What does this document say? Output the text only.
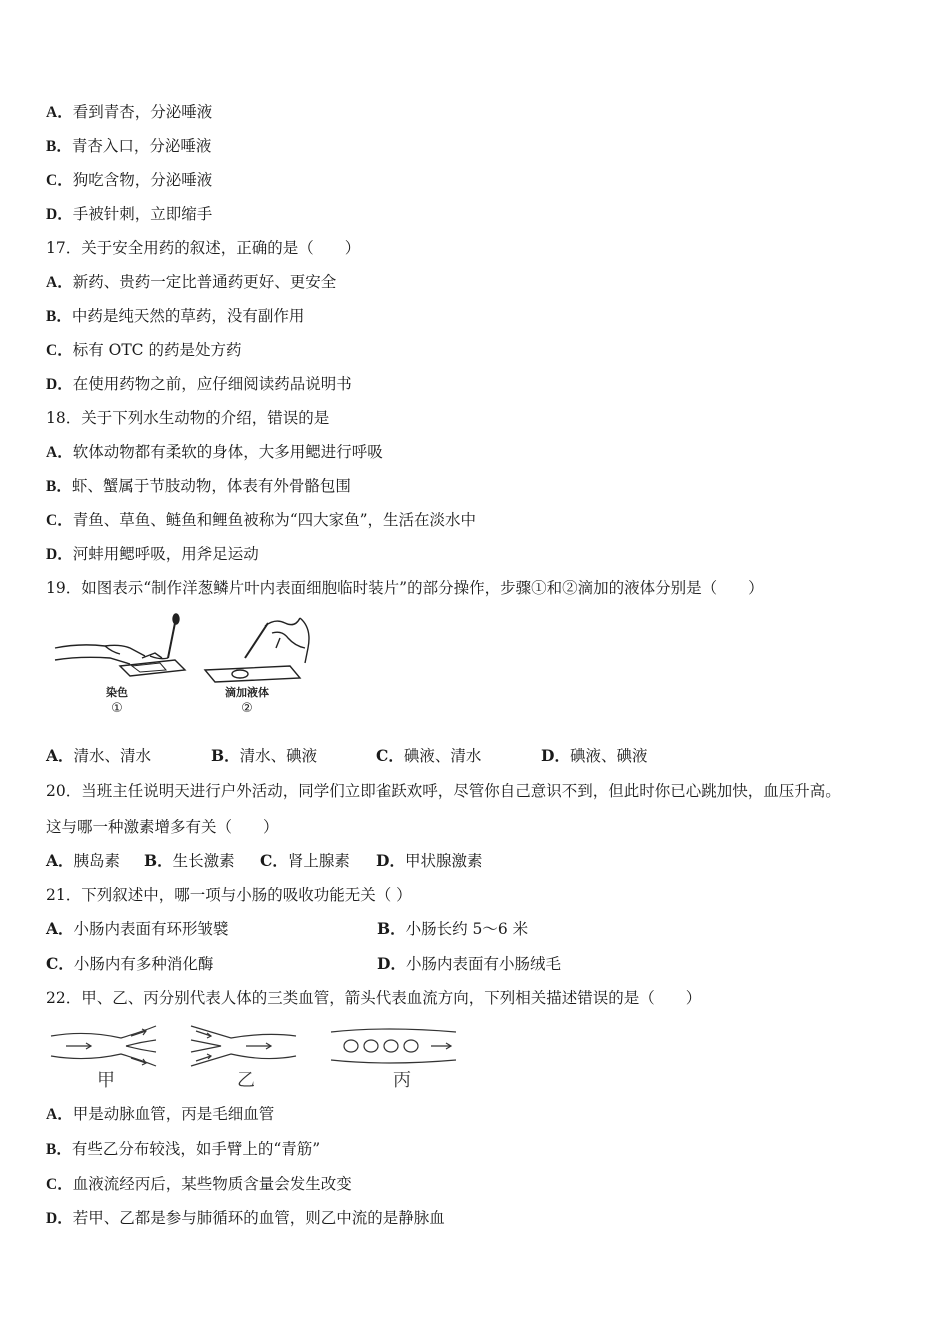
A．看到青杏，分泌唾液
B．青杏入口，分泌唾液
C．狗吃含物，分泌唾液
D．手被针刺，立即缩手
17．关于安全用药的叙述，正确的是（　　）
A．新药、贵药一定比普通药更好、更安全
B．中药是纯天然的草药，没有副作用
C．标有 OTC 的药是处方药
D．在使用药物之前，应仔细阅读药品说明书
18．关于下列水生动物的介绍，错误的是
A．软体动物都有柔软的身体，大多用鳃进行呼吸
B．虾、蟹属于节肢动物，体表有外骨骼包围
C．青鱼、草鱼、鲢鱼和鲤鱼被称为“四大家鱼”，生活在淡水中
D．河蚌用鳃呼吸，用斧足运动
19．如图表示“制作洋葱鳞片叶内表面细胞临时装片”的部分操作，步骤①和②滴加的液体分别是（　　）
染色
①
滴加液体
②
A．清水、清水	B．清水、碘液	C．碘液、清水	D．碘液、碘液
20．当班主任说明天进行户外活动，同学们立即雀跃欢呼，尽管你自己意识不到，但此时你已心跳加快，血压升高。
这与哪一种激素增多有关（　　）
A．胰岛素 B．生长激素 C．肾上腺素 D．甲状腺激素
21．下列叙述中，哪一项与小肠的吸收功能无关（ ）
A．小肠内表面有环形皱襞	B．小肠长约 5～6 米
C．小肠内有多种消化酶	D．小肠内表面有小肠绒毛
22．甲、乙、丙分别代表人体的三类血管，箭头代表血流方向，下列相关描述错误的是（　　）
甲	乙	丙
A．甲是动脉血管，丙是毛细血管
B．有些乙分布较浅，如手臂上的“青筋”
C．血液流经丙后，某些物质含量会发生改变
D．若甲、乙都是参与肺循环的血管，则乙中流的是静脉血
